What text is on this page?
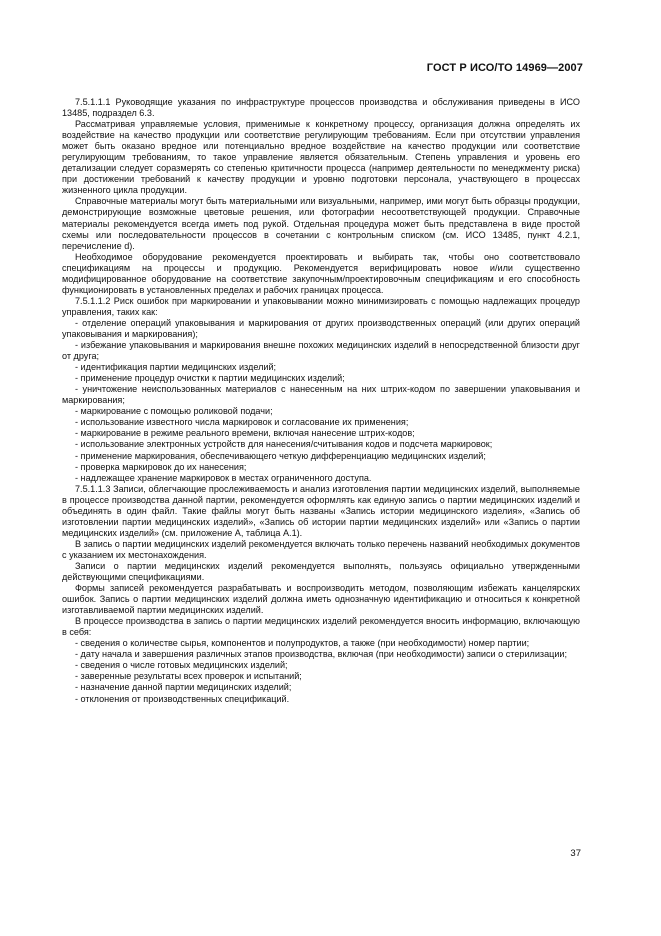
ГОСТ Р ИСО/ТО 14969—2007

7.5.1.1.1 Руководящие указания по инфраструктуре процессов производства и обслуживания приведены в ИСО 13485, подраздел 6.3.

Рассматривая управляемые условия, применимые к конкретному процессу, организация должна определять их воздействие на качество продукции или соответствие регулирующим требованиям. Если при отсутствии управления может быть оказано вредное или потенциально вредное воздействие на качество продукции или соответствие регулирующим требованиям, то такое управление является обязательным. Степень управления и уровень его детализации следует соразмерять со степенью критичности процесса (например деятельности по менеджменту риска) при достижении требований к качеству продукции и уровню подготовки персонала, участвующего в процессах жизненного цикла продукции.

Справочные материалы могут быть материальными или визуальными, например, ими могут быть образцы продукции, демонстрирующие возможные цветовые решения, или фотографии несоответствующей продукции. Справочные материалы рекомендуется всегда иметь под рукой. Отдельная процедура может быть представлена в виде простой схемы или последовательности процессов в сочетании с контрольным списком (см. ИСО 13485, пункт 4.2.1, перечисление d).

Необходимое оборудование рекомендуется проектировать и выбирать так, чтобы оно соответствовало спецификациям на процессы и продукцию. Рекомендуется верифицировать новое и/или существенно модифицированное оборудование на соответствие закупочным/проектировочным спецификациям и его способность функционировать в установленных пределах и рабочих границах процесса.

7.5.1.1.2 Риск ошибок при маркировании и упаковывании можно минимизировать с помощью надлежащих процедур управления, таких как:

- отделение операций упаковывания и маркирования от других производственных операций (или других операций упаковывания и маркирования);

- избежание упаковывания и маркирования внешне похожих медицинских изделий в непосредственной близости друг от друга;

- идентификация партии медицинских изделий;

- применение процедур очистки к партии медицинских изделий;

- уничтожение неиспользованных материалов с нанесенным на них штрих-кодом по завершении упаковывания и маркирования;

- маркирование с помощью роликовой подачи;

- использование известного числа маркировок и согласование их применения;

- маркирование в режиме реального времени, включая нанесение штрих-кодов;

- использование электронных устройств для нанесения/считывания кодов и подсчета маркировок;

- применение маркирования, обеспечивающего четкую дифференциацию медицинских изделий;

- проверка маркировок до их нанесения;

- надлежащее хранение маркировок в местах ограниченного доступа.

7.5.1.1.3 Записи, облегчающие прослеживаемость и анализ изготовления партии медицинских изделий, выполняемые в процессе производства данной партии, рекомендуется оформлять как единую запись о партии медицинских изделий и объединять в один файл. Такие файлы могут быть названы «Запись истории медицинского изделия», «Запись об изготовлении партии медицинских изделий», «Запись об истории партии медицинских изделий» или «Запись о партии медицинских изделий» (см. приложение А, таблица А.1).

В запись о партии медицинских изделий рекомендуется включать только перечень названий необходимых документов с указанием их местонахождения.

Записи о партии медицинских изделий рекомендуется выполнять, пользуясь официально утвержденными действующими спецификациями.

Формы записей рекомендуется разрабатывать и воспроизводить методом, позволяющим избежать канцелярских ошибок. Запись о партии медицинских изделий должна иметь однозначную идентификацию и относиться к конкретной изготавливаемой партии медицинских изделий.

В процессе производства в запись о партии медицинских изделий рекомендуется вносить информацию, включающую в себя:

- сведения о количестве сырья, компонентов и полупродуктов, а также (при необходимости) номер партии;

- дату начала и завершения различных этапов производства, включая (при необходимости) записи о стерилизации;

- сведения о числе готовых медицинских изделий;

- заверенные результаты всех проверок и испытаний;

- назначение данной партии медицинских изделий;

- отклонения от производственных спецификаций.

37
